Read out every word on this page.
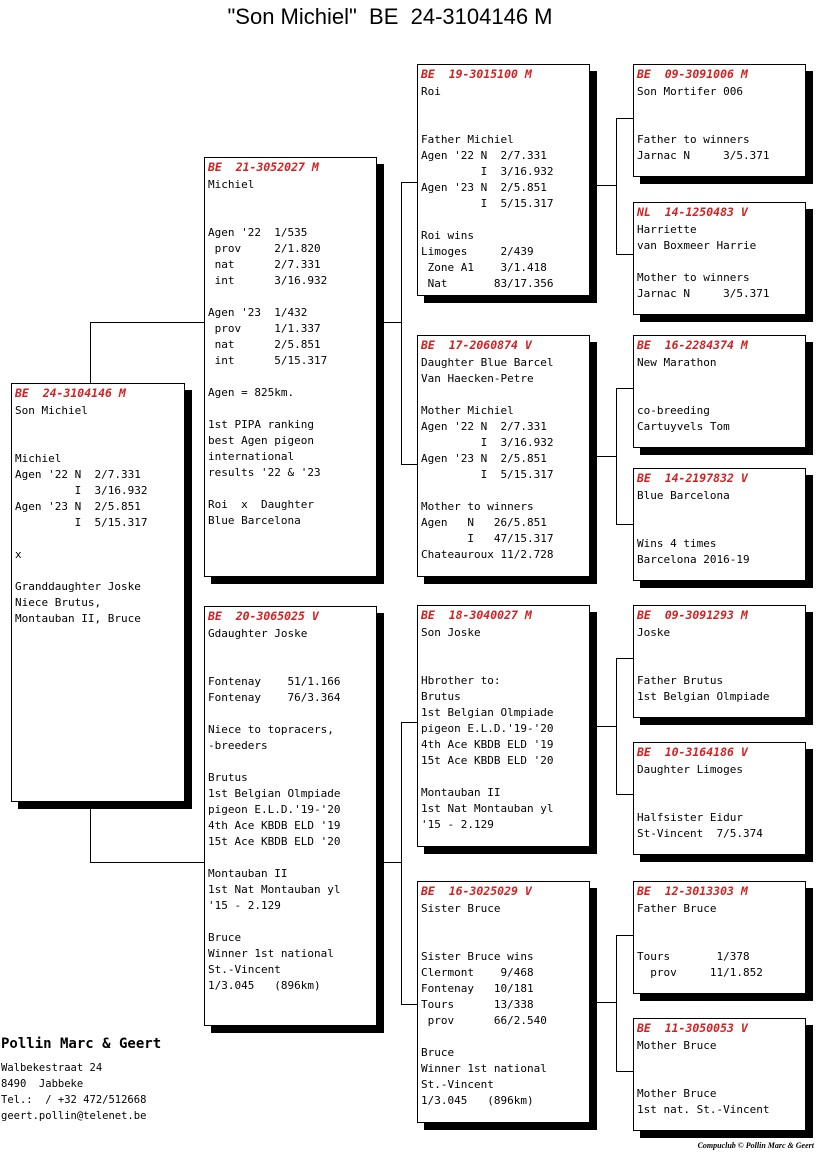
"Son Michiel"  BE  24-3104146 M
BE  24-3104146 M
Son Michiel

Michiel
Agen '22 N  2/7.331
I  3/16.932
Agen '23 N  2/5.851
I  5/15.317

x

Granddaughter Joske
Niece Brutus,
Montauban II, Bruce
BE  21-3052027 M
Michiel

Agen '22  1/535
prov     2/1.820
nat      2/7.331
int      3/16.932

Agen '23  1/432
prov     1/1.337
nat      2/5.851
int      5/15.317

Agen = 825km.

1st PIPA ranking
best Agen pigeon
international
results '22 & '23

Roi  x  Daughter
Blue Barcelona
BE  20-3065025 V
Gdaughter Joske

Fontenay    51/1.166
Fontenay    76/3.364

Niece to topracers,
-breeders

Brutus
1st Belgian Olmpiade
pigeon E.L.D.'19-'20
4th Ace KBDB ELD '19
15t Ace KBDB ELD '20

Montauban II
1st Nat Montauban yl
'15 - 2.129

Bruce
Winner 1st national
St.-Vincent
1/3.045   (896km)
BE  19-3015100 M
Roi

Father Michiel
Agen '22 N  2/7.331
I  3/16.932
Agen '23 N  2/5.851
I  5/15.317

Roi wins
Limoges     2/439
Zone A1    3/1.418
Nat       83/17.356
BE  17-2060874 V
Daughter Blue Barcel
Van Haecken-Petre

Mother Michiel
Agen '22 N  2/7.331
I  3/16.932
Agen '23 N  2/5.851
I  5/15.317

Mother to winners
Agen   N   26/5.851
I   47/15.317
Chateauroux 11/2.728
BE  18-3040027 M
Son Joske

Hbrother to:
Brutus
1st Belgian Olmpiade
pigeon E.L.D.'19-'20
4th Ace KBDB ELD '19
15t Ace KBDB ELD '20

Montauban II
1st Nat Montauban yl
'15 - 2.129
BE  16-3025029 V
Sister Bruce

Sister Bruce wins
Clermont    9/468
Fontenay   10/181
Tours      13/338
prov      66/2.540

Bruce
Winner 1st national
St.-Vincent
1/3.045   (896km)
BE  09-3091006 M
Son Mortifer 006

Father to winners
Jarnac N     3/5.371
NL  14-1250483 V
Harriette
van Boxmeer Harrie

Mother to winners
Jarnac N     3/5.371
BE  16-2284374 M
New Marathon

co-breeding
Cartuyvels Tom
BE  14-2197832 V
Blue Barcelona

Wins 4 times
Barcelona 2016-19
BE  09-3091293 M
Joske

Father Brutus
1st Belgian Olmpiade
BE  10-3164186 V
Daughter Limoges

Halfsister Eidur
St-Vincent  7/5.374
BE  12-3013303 M
Father Bruce

Tours       1/378
prov     11/1.852
BE  11-3050053 V
Mother Bruce

Mother Bruce
1st nat. St.-Vincent
Pollin Marc & Geert
Walbekestraat 24
8490  Jabbeke
Tel.:  / +32 472/512668
geert.pollin@telenet.be
Compuclub © Pollin Marc & Geert
